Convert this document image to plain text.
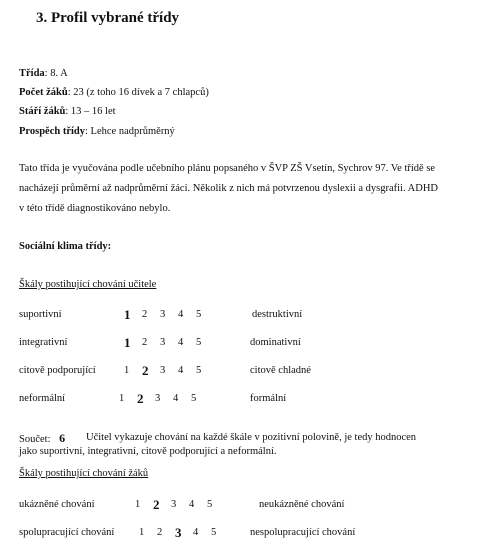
3. Profil vybrané třídy
Třída: 8. A
Počet žáků: 23 (z toho 16 dívek a 7 chlapců)
Stáří žáků: 13 – 16 let
Prospěch třídy: Lehce nadprůměrný
Tato třída je vyučována podle učebního plánu popsaného v ŠVP ZŠ Vsetín, Sychrov 97. Ve třídě se nacházejí průměrní až nadprůměrní žáci. Několik z nich má potvrzenou dyslexii a dysgrafii. ADHD v této třídě diagnostikováno nebylo.
Sociální klima třídy:
Škály postihující chování učitele
suportivní	1 2 3 4 5	destruktivní
integrativní	1 2 3 4 5	dominativní
citově podporující	1 2 3 4 5	citově chladné
neformální	1 2 3 4 5	formální
Součet: 6 Učitel vykazuje chování na každé škále v pozitivní polovině, je tedy hodnocen
jako suportivní, integrativní, citově podporující a neformální.
Škály postihující chování žáků
ukázněné chování	1 2 3 4 5	neukázněné chování
spolupracující chování 1 2 3 4 5	nespolupracující chování
